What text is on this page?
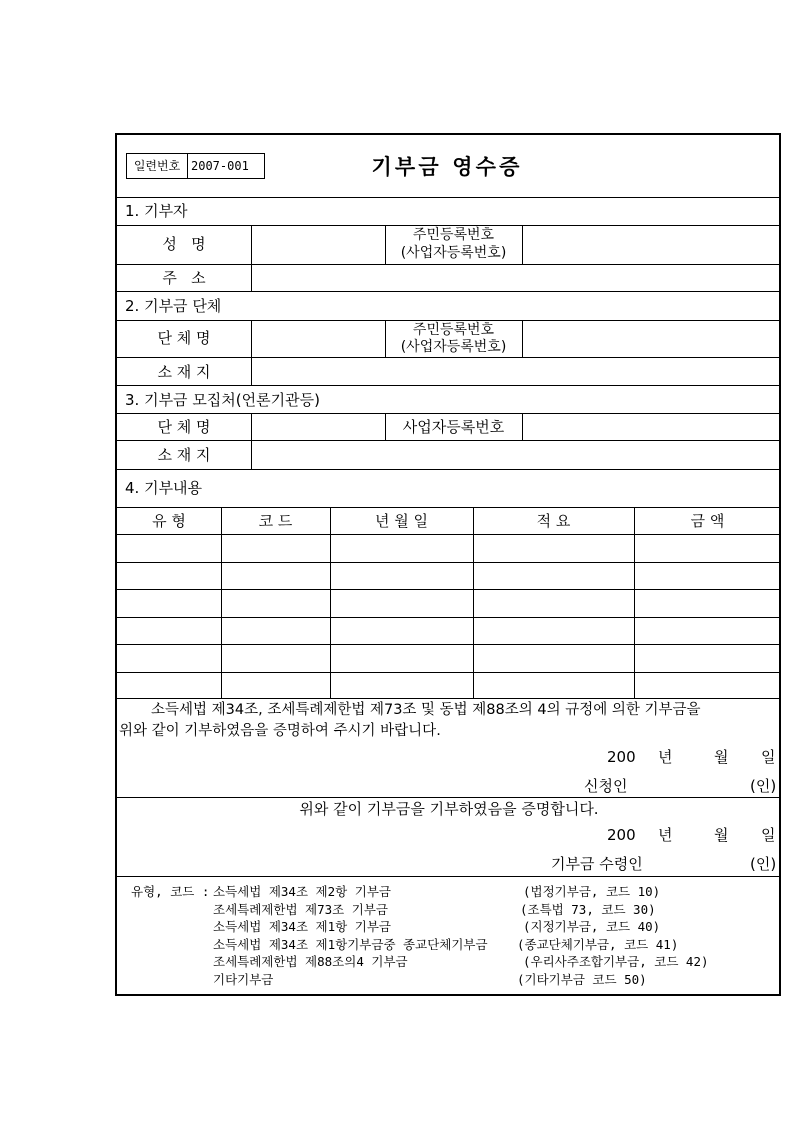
일련번호 2007-001	기부금 영수증
1. 기부자
성   명	주민등록번호
(사업자등록번호)
주   소
2. 기부금 단체
단 체 명	주민등록번호
(사업자등록번호)
소 재 지
3. 기부금 모집처(언론기관등)
단 체 명	사업자등록번호
소 재 지
4. 기부내용
유 형	코 드	년 월 일	적 요	금 액
소득세법 제34조, 조세특례제한법 제73조 및 동법 제88조의 4의 규정에 의한 기부금을
위와 같이 기부하였음을 증명하여 주시기 바랍니다.
200 년	월 일
신청인	(인)
위와 같이 기부금을 기부하였음을 증명합니다.
200 년	월 일
기부금 수령인	(인)
유형, 코드 : 소득세법 제34조 제2항 기부금	(법정기부금, 코드 10)
조세특례제한법 제73조 기부금	(조특법 73, 코드 30)
소득세법 제34조 제1항 기부금	(지정기부금, 코드 40)
소득세법 제34조 제1항기부금중 종교단체기부금 (종교단체기부금, 코드 41)
조세특례제한법 제88조의4 기부금	(우리사주조합기부금, 코드 42)
기타기부금	(기타기부금 코드 50)
